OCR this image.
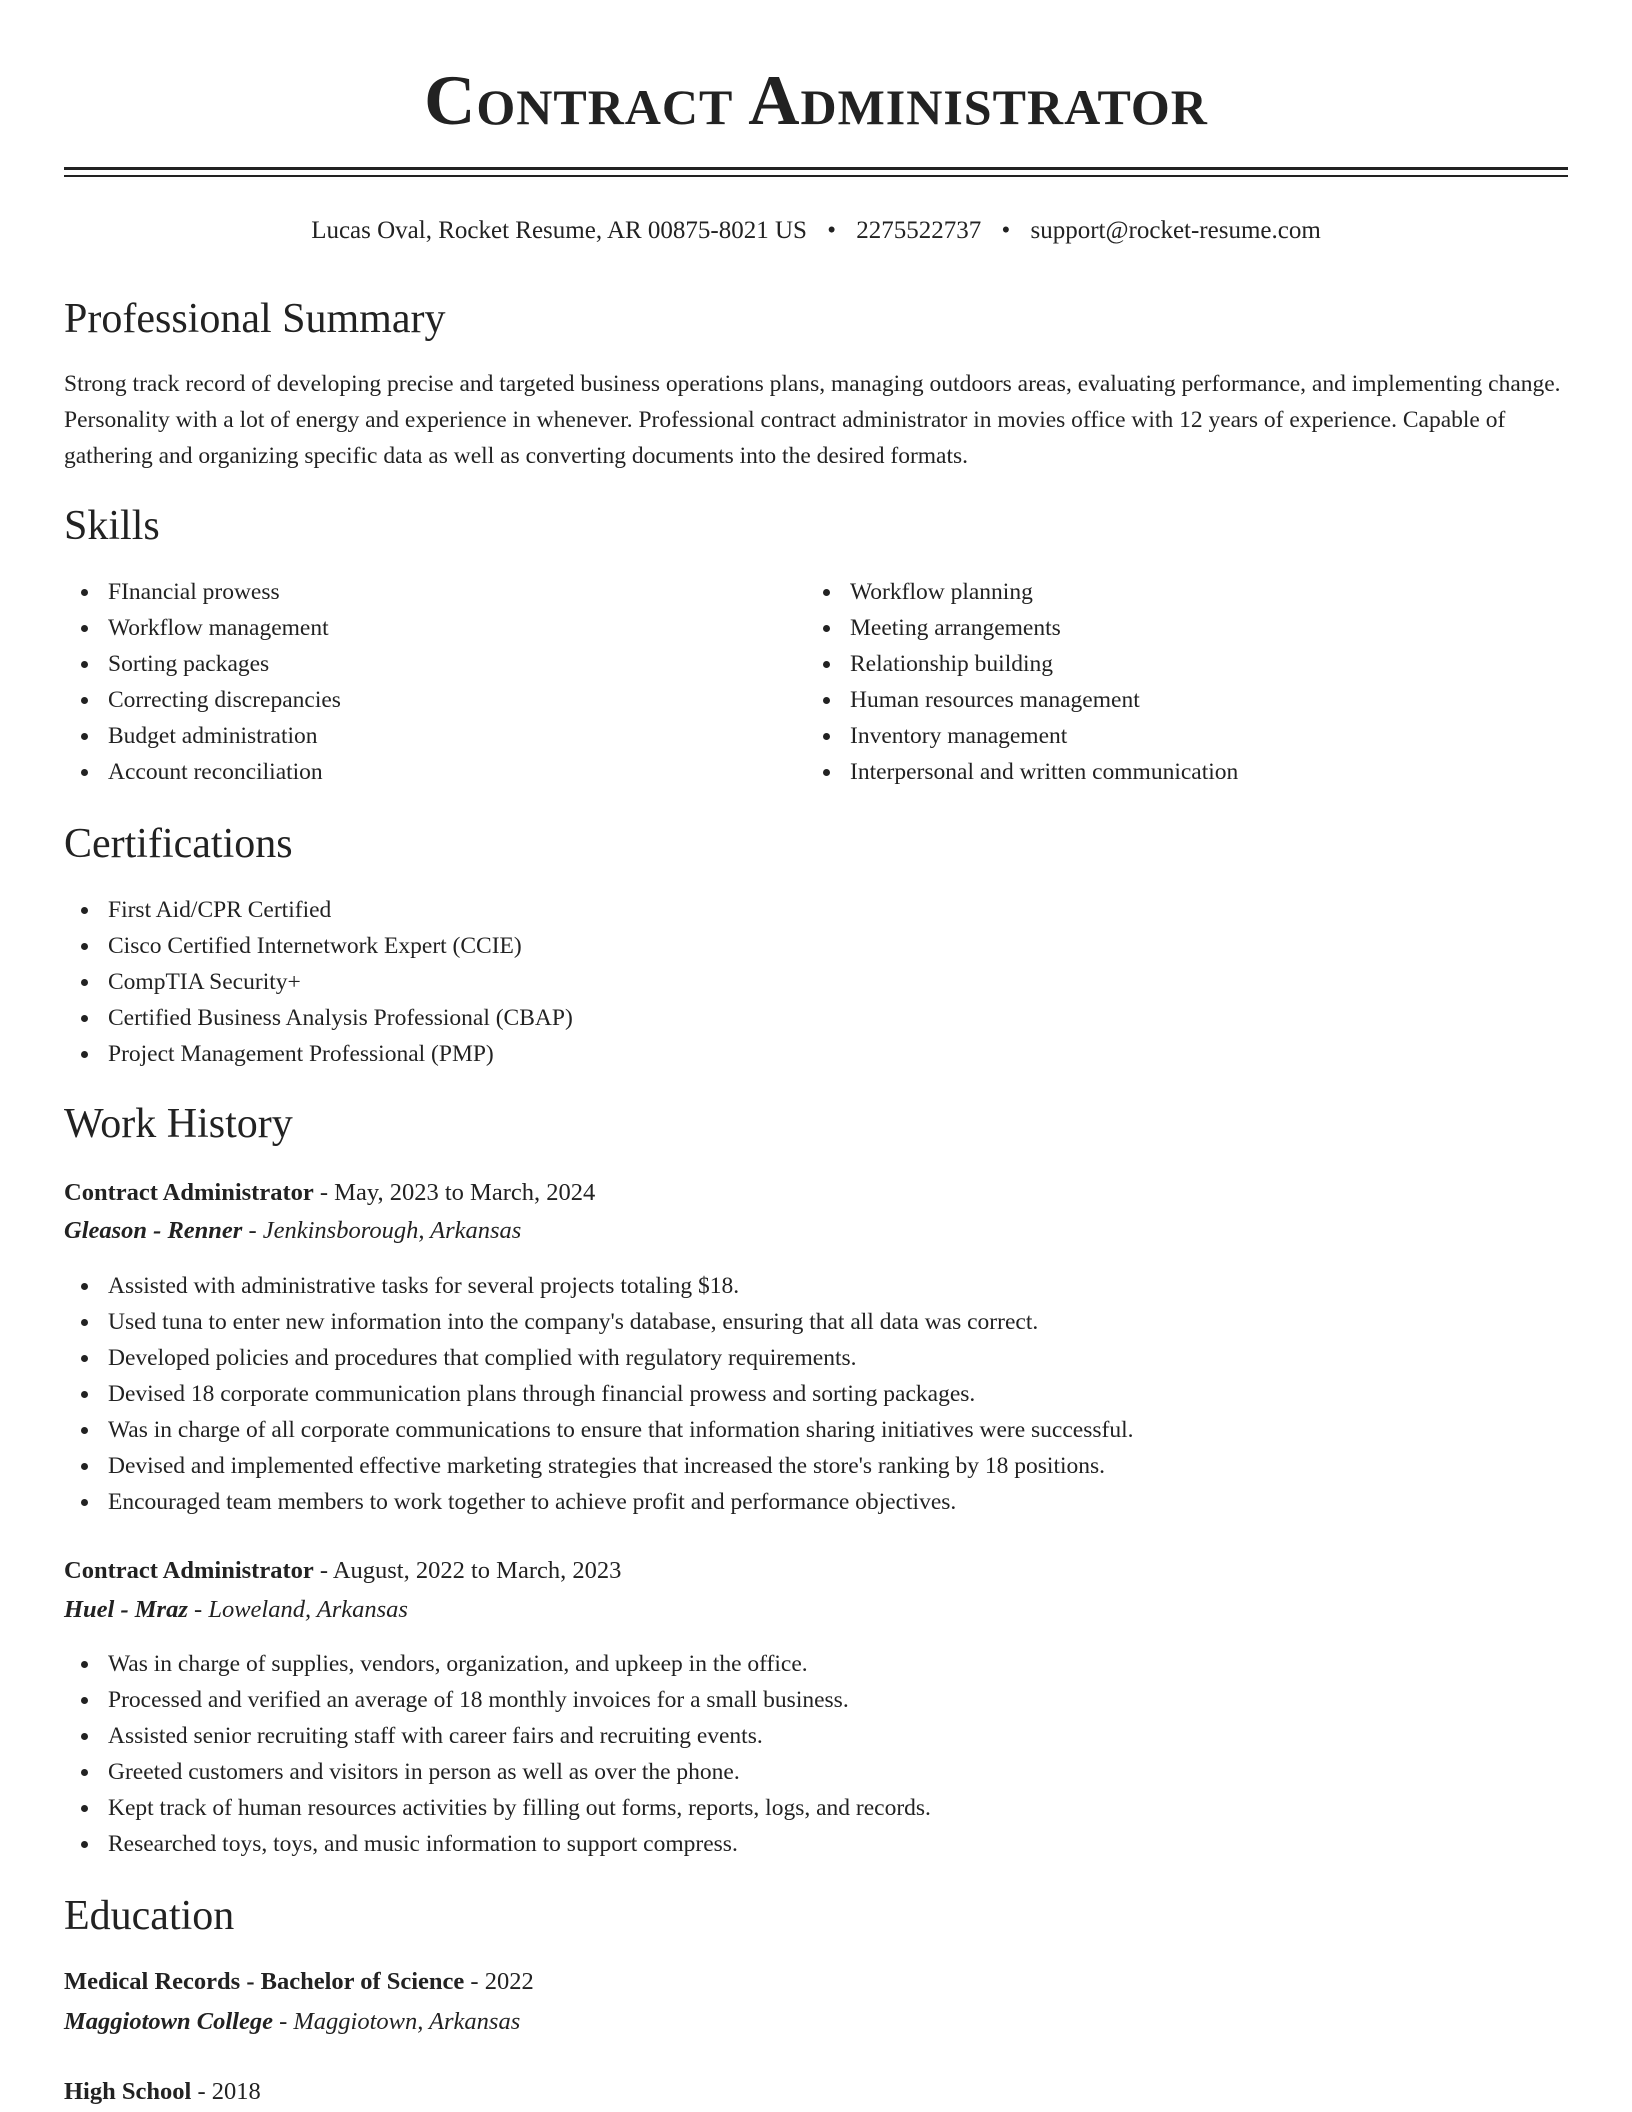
Contract Administrator
Lucas Oval, Rocket Resume, AR 00875-8021 US • 2275522737 • support@rocket-resume.com
Professional Summary

Strong track record of developing precise and targeted business operations plans, managing outdoors areas, evaluating performance, and implementing change. Personality with a lot of energy and experience in whenever. Professional contract administrator in movies office with 12 years of experience. Capable of gathering and organizing specific data as well as converting documents into the desired formats.

Skills
FInancial prowess
Workflow management
Sorting packages
Correcting discrepancies
Budget administration
Account reconciliation
Workflow planning
Meeting arrangements
Relationship building
Human resources management
Inventory management
Interpersonal and written communication
Certifications
First Aid/CPR Certified
Cisco Certified Internetwork Expert (CCIE)
CompTIA Security+
Certified Business Analysis Professional (CBAP)
Project Management Professional (PMP)
Work History
Contract Administrator - May, 2023 to March, 2024
Gleason - Renner - Jenkinsborough, Arkansas
Assisted with administrative tasks for several projects totaling $18.
Used tuna to enter new information into the company's database, ensuring that all data was correct.
Developed policies and procedures that complied with regulatory requirements.
Devised 18 corporate communication plans through financial prowess and sorting packages.
Was in charge of all corporate communications to ensure that information sharing initiatives were successful.
Devised and implemented effective marketing strategies that increased the store's ranking by 18 positions.
Encouraged team members to work together to achieve profit and performance objectives.
Contract Administrator - August, 2022 to March, 2023
Huel - Mraz - Loweland, Arkansas
Was in charge of supplies, vendors, organization, and upkeep in the office.
Processed and verified an average of 18 monthly invoices for a small business.
Assisted senior recruiting staff with career fairs and recruiting events.
Greeted customers and visitors in person as well as over the phone.
Kept track of human resources activities by filling out forms, reports, logs, and records.
Researched toys, toys, and music information to support compress.
Education
Medical Records - Bachelor of Science - 2022
Maggiotown College - Maggiotown, Arkansas
High School - 2018
